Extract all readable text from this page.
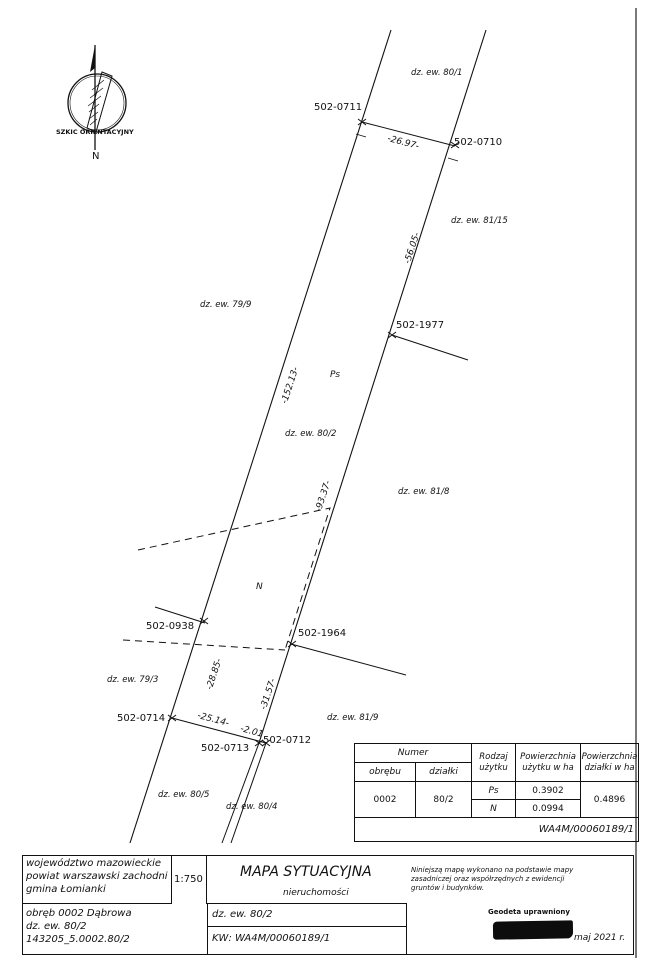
SZKIC ORIENTACYJNY
N
dz. ew. 80/1
dz. ew. 81/15
dz. ew. 79/9
dz. ew. 80/2
dz. ew. 81/8
dz. ew. 79/3
dz. ew. 81/9
dz. ew. 80/5
dz. ew. 80/4
Ps
N
502-0711
502-0710
502-1977
502-0938
502-1964
502-0714
502-0712
502-0713
-26.97-
-56.05-
-152.13-
-93.37-
-28.85-
-31.57-
-25.14-
-2.01
Numer		Rodzaj użytku	Powierzchnia użytku w ha	Powierzchnia działki w ha
obrębu	działki			
0002	80/2	Ps	0.3902	0.4896
		N	0.0994	
WA4M/00060189/1				
województwo mazowieckie
powiat warszawski zachodni
gmina Łomianki
1:750	MAPA SYTUACYJNA
nieruchomości
Niniejszą mapę wykonano na podstawie mapy
zasadniczej oraz współrzędnych z ewidencji
gruntów i budynków.
obręb 0002 Dąbrowa
dz. ew. 80/2
143205_5.0002.80/2
dz. ew. 80/2
KW: WA4M/00060189/1
Geodeta uprawniony
maj 2021 r.
